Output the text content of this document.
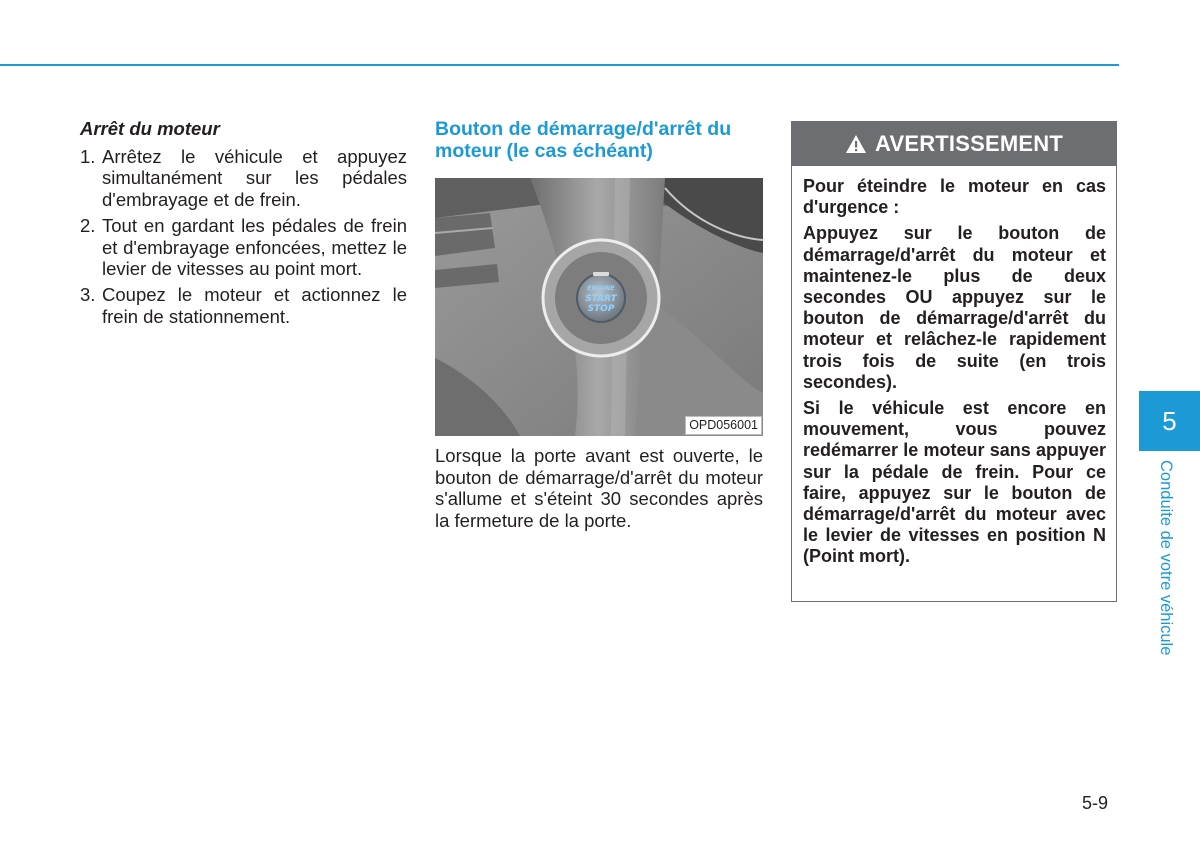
Arrêt du moteur
1. Arrêtez le véhicule et appuyez simultanément sur les pédales d'embrayage et de frein.
2. Tout en gardant les pédales de frein et d'embrayage enfoncées, mettez le levier de vitesses au point mort.
3. Coupez le moteur et actionnez le frein de stationnement.
Bouton de démarrage/d'arrêt du moteur (le cas échéant)
ENGINE
START
STOP
OPD056001

Lorsque la porte avant est ouverte, le bouton de démarrage/d'arrêt du moteur s'allume et s'éteint 30 secondes après la fermeture de la porte.

AVERTISSEMENT

Pour éteindre le moteur en cas d'urgence :

Appuyez sur le bouton de démarrage/d'arrêt du moteur et maintenez-le plus de deux secondes OU appuyez sur le bouton de démarrage/d'arrêt du moteur et relâchez-le rapidement trois fois de suite (en trois secondes).

Si le véhicule est encore en mouvement, vous pouvez redémarrer le moteur sans appuyer sur la pédale de frein. Pour ce faire, appuyez sur le bouton de démarrage/d'arrêt du moteur avec le levier de vitesses en position N (Point mort).

5
Conduite de votre véhicule
5-9
